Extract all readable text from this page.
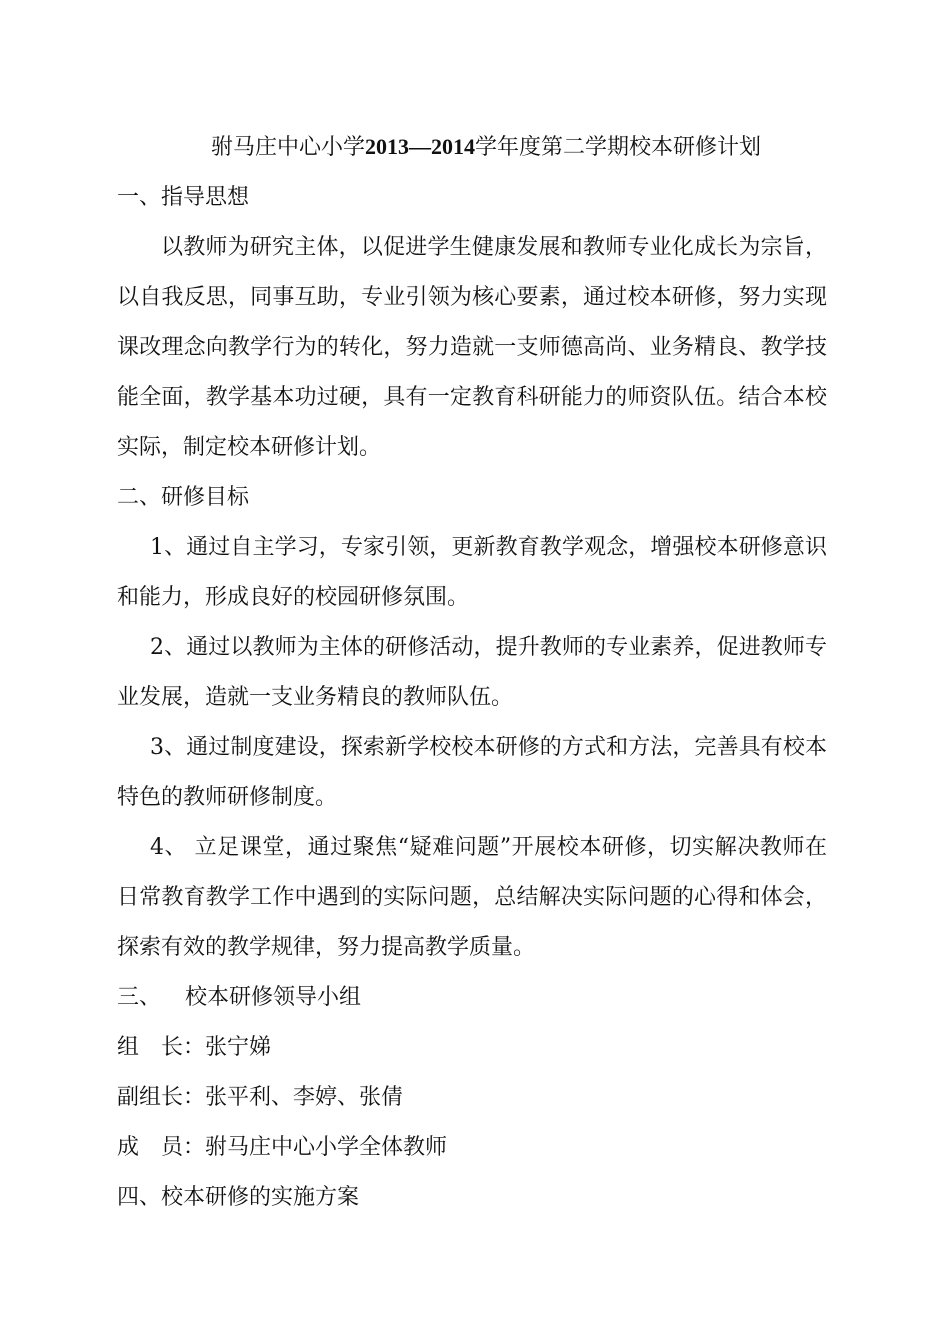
驸马庄中心小学2013—2014学年度第二学期校本研修计划

一、指导思想

以教师为研究主体，以促进学生健康发展和教师专业化成长为宗旨，以自我反思，同事互助，专业引领为核心要素，通过校本研修，努力实现课改理念向教学行为的转化，努力造就一支师德高尚、业务精良、教学技能全面，教学基本功过硬，具有一定教育科研能力的师资队伍。结合本校实际，制定校本研修计划。

二、研修目标

1、通过自主学习，专家引领，更新教育教学观念，增强校本研修意识和能力，形成良好的校园研修氛围。

2、通过以教师为主体的研修活动，提升教师的专业素养，促进教师专业发展，造就一支业务精良的教师队伍。

3、通过制度建设，探索新学校校本研修的方式和方法，完善具有校本特色的教师研修制度。

4、 立足课堂，通过聚焦“疑难问题”开展校本研修，切实解决教师在日常教育教学工作中遇到的实际问题，总结解决实际问题的心得和体会，探索有效的教学规律，努力提高教学质量。

三、 校本研修领导小组

组　长：张宁娣

副组长：张平利、李婷、张倩

成　员：驸马庄中心小学全体教师

四、校本研修的实施方案
